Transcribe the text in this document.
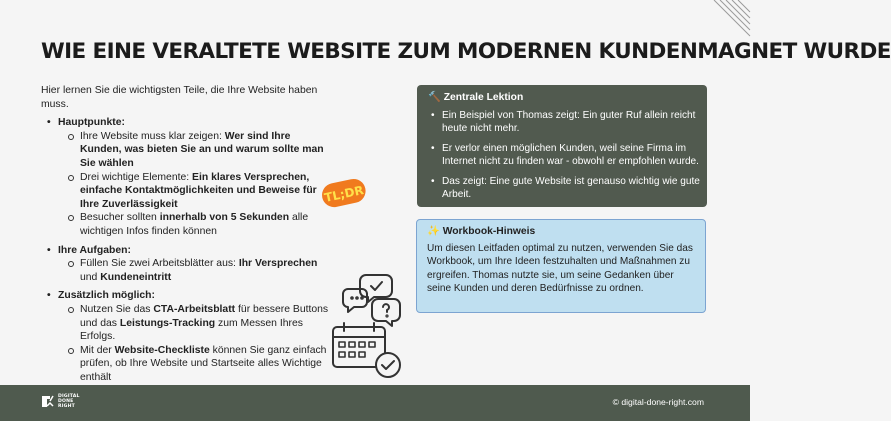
WIE EINE VERALTETE WEBSITE ZUM MODERNEN KUNDENMAGNET WURDE

Hier lernen Sie die wichtigsten Teile, die Ihre Website haben muss.

• Hauptpunkte:
Ihre Website muss klar zeigen: Wer sind Ihre Kunden, was bieten Sie an und warum sollte man Sie wählen
Drei wichtige Elemente: Ein klares Versprechen, einfache Kontaktmöglichkeiten und Beweise für Ihre Zuverlässigkeit
Besucher sollten innerhalb von 5 Sekunden alle wichtigen Infos finden können
• Ihre Aufgaben:
Füllen Sie zwei Arbeitsblätter aus: Ihr Versprechen und Kundeneintritt
• Zusätzlich möglich:
Nutzen Sie das CTA-Arbeitsblatt für bessere Buttons und das Leistungs-Tracking zum Messen Ihres Erfolgs.
Mit der Website-Checkliste können Sie ganz einfach prüfen, ob Ihre Website und Startseite alles Wichtige enthält
TL;DR
🔨 Zentrale Lektion
• Ein Beispiel von Thomas zeigt: Ein guter Ruf allein reicht heute nicht mehr.
• Er verlor einen möglichen Kunden, weil seine Firma im Internet nicht zu finden war - obwohl er empfohlen wurde.
• Das zeigt: Eine gute Website ist genauso wichtig wie gute Arbeit.
✨ Workbook-Hinweis
Um diesen Leitfaden optimal zu nutzen, verwenden Sie das Workbook, um Ihre Ideen festzuhalten und Maßnahmen zu ergreifen. Thomas nutzte sie, um seine Gedanken über seine Kunden und deren Bedürfnisse zu ordnen.
DIGITAL
DONE
RIGHT	© digital-done-right.com
